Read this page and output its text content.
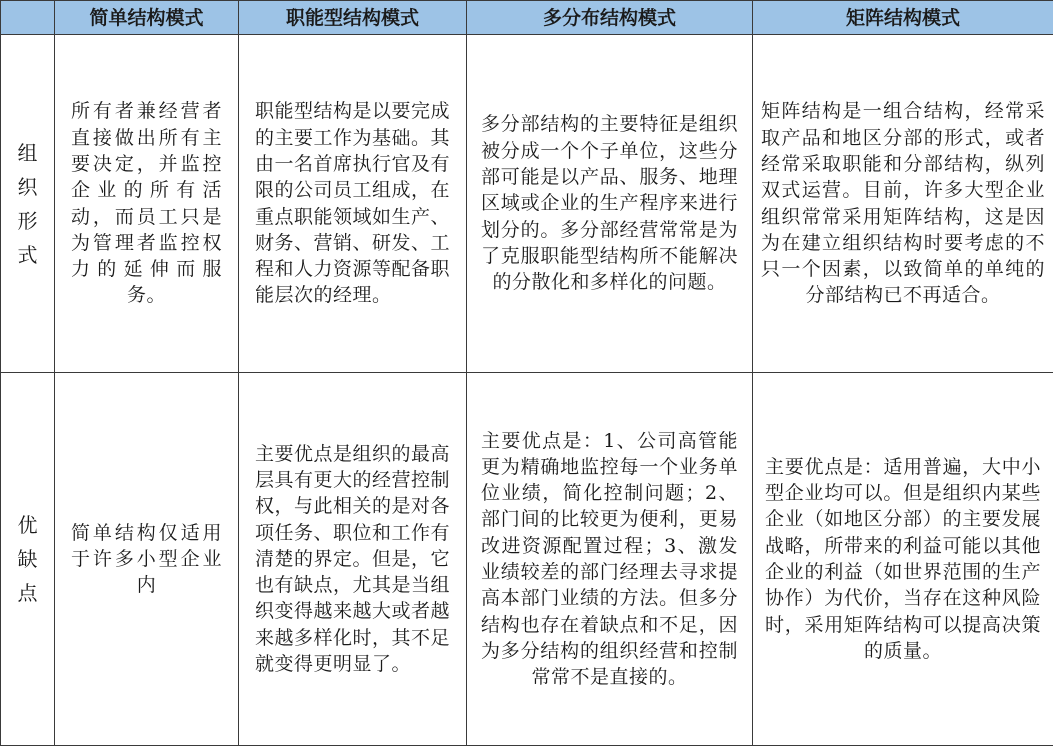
	简单结构模式	职能型结构模式	多分布结构模式	矩阵结构模式
组织形式	所有者兼经营者直接做出所有主要决定，并监控企业的所有活动，而员工只是为管理者监控权力的延伸而服务。	职能型结构是以要完成的主要工作为基础。其由一名首席执行官及有限的公司员工组成，在重点职能领域如生产、财务、营销、研发、工程和人力资源等配备职能层次的经理。	多分部结构的主要特征是组织被分成一个个子单位，这些分部可能是以产品、服务、地理区域或企业的生产程序来进行划分的。多分部经营常常是为了克服职能型结构所不能解决的分散化和多样化的问题。	矩阵结构是一组合结构，经常采取产品和地区分部的形式，或者经常采取职能和分部结构，纵列双式运营。目前，许多大型企业组织常常采用矩阵结构，这是因为在建立组织结构时要考虑的不只一个因素，以致简单的单纯的分部结构已不再适合。
优缺点	简单结构仅适用于许多小型企业内	主要优点是组织的最高层具有更大的经营控制权，与此相关的是对各项任务、职位和工作有清楚的界定。但是，它也有缺点，尤其是当组织变得越来越大或者越来越多样化时，其不足就变得更明显了。	主要优点是：1、公司高管能更为精确地监控每一个业务单位业绩，简化控制问题；2、部门间的比较更为便利，更易改进资源配置过程；3、激发业绩较差的部门经理去寻求提高本部门业绩的方法。但多分结构也存在着缺点和不足，因为多分结构的组织经营和控制常常不是直接的。	主要优点是：适用普遍，大中小型企业均可以。但是组织内某些企业（如地区分部）的主要发展战略，所带来的利益可能以其他企业的利益（如世界范围的生产协作）为代价，当存在这种风险时，采用矩阵结构可以提高决策的质量。
